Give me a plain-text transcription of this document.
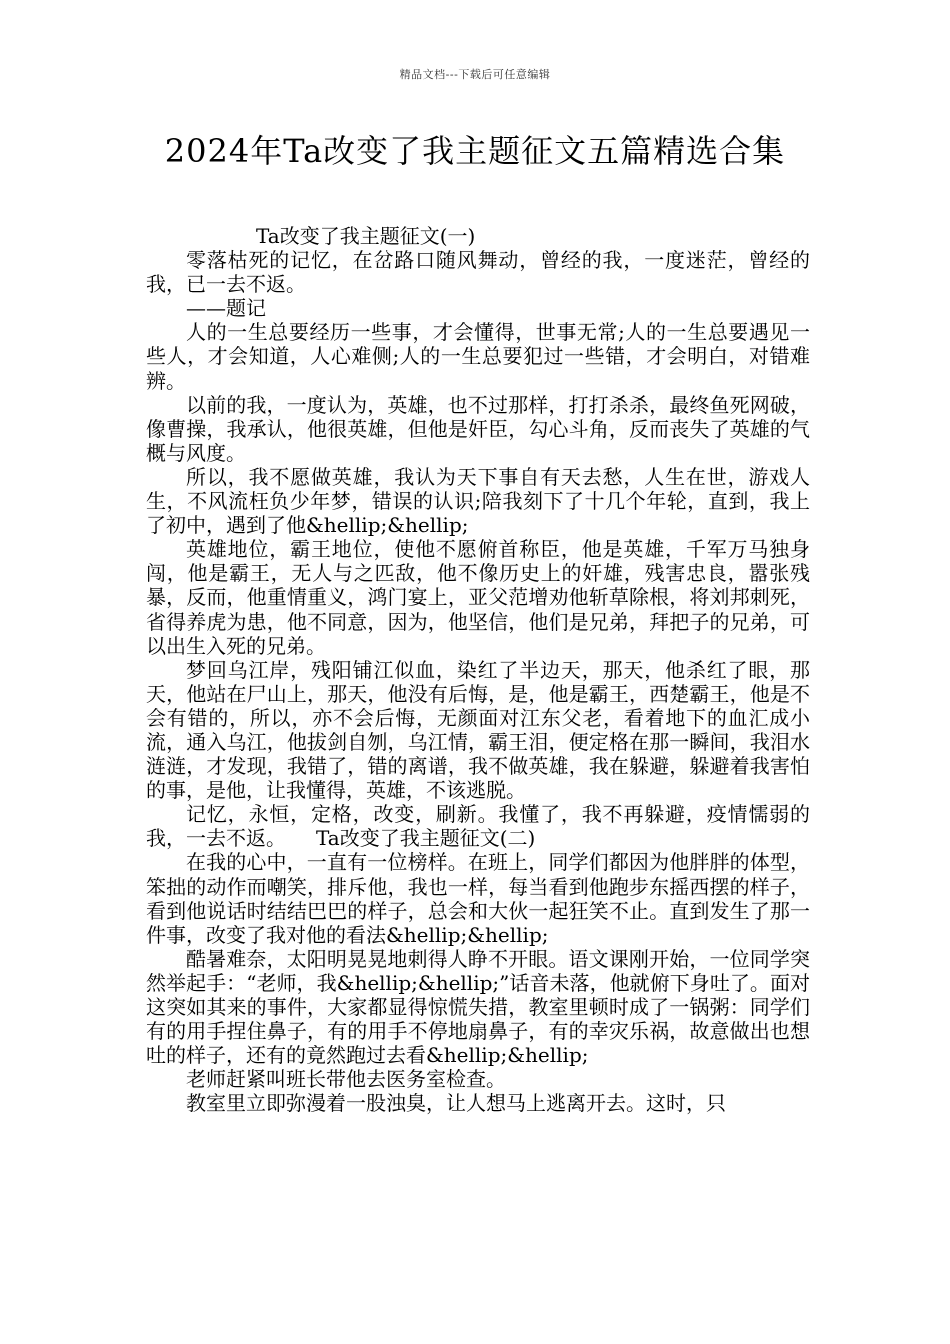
精品文档---下载后可任意编辑
2024年Ta改变了我主题征文五篇精选合集

Ta改变了我主题征文(一)

零落枯死的记忆，在岔路口随风舞动，曾经的我，一度迷茫，曾经的我，已一去不返。

——题记

人的一生总要经历一些事，才会懂得，世事无常;人的一生总要遇见一些人，才会知道，人心难侧;人的一生总要犯过一些错，才会明白，对错难辨。

以前的我，一度认为，英雄，也不过那样，打打杀杀，最终鱼死网破，像曹操，我承认，他很英雄，但他是奸臣，勾心斗角，反而丧失了英雄的气概与风度。

所以，我不愿做英雄，我认为天下事自有天去愁，人生在世，游戏人生，不风流枉负少年梦，错误的认识;陪我刻下了十几个年轮，直到，我上了初中，遇到了他&hellip;&hellip;

英雄地位，霸王地位，使他不愿俯首称臣，他是英雄，千军万马独身闯，他是霸王，无人与之匹敌，他不像历史上的奸雄，残害忠良，嚣张残暴，反而，他重情重义，鸿门宴上，亚父范增劝他斩草除根，将刘邦刺死，省得养虎为患，他不同意，因为，他坚信，他们是兄弟，拜把子的兄弟，可以出生入死的兄弟。

梦回乌江岸，残阳铺江似血，染红了半边天，那天，他杀红了眼，那天，他站在尸山上，那天，他没有后悔，是，他是霸王，西楚霸王，他是不会有错的，所以，亦不会后悔，无颜面对江东父老，看着地下的血汇成小流，通入乌江，他拔剑自刎，乌江情，霸王泪，便定格在那一瞬间，我泪水涟涟，才发现，我错了，错的离谱，我不做英雄，我在躲避，躲避着我害怕的事，是他，让我懂得，英雄，不该逃脱。

记忆，永恒，定格，改变，刷新。我懂了，我不再躲避，疫情懦弱的我，一去不返。　　Ta改变了我主题征文(二)

在我的心中，一直有一位榜样。在班上，同学们都因为他胖胖的体型，笨拙的动作而嘲笑，排斥他，我也一样，每当看到他跑步东摇西摆的样子，看到他说话时结结巴巴的样子，总会和大伙一起狂笑不止。直到发生了那一件事，改变了我对他的看法&hellip;&hellip;

酷暑难奈，太阳明晃晃地刺得人睁不开眼。语文课刚开始，一位同学突然举起手：“老师，我&hellip;&hellip;”话音未落，他就俯下身吐了。面对这突如其来的事件，大家都显得惊慌失措，教室里顿时成了一锅粥：同学们有的用手捏住鼻子，有的用手不停地扇鼻子，有的幸灾乐祸，故意做出也想吐的样子，还有的竟然跑过去看&hellip;&hellip;

老师赶紧叫班长带他去医务室检查。

教室里立即弥漫着一股浊臭，让人想马上逃离开去。这时，只
